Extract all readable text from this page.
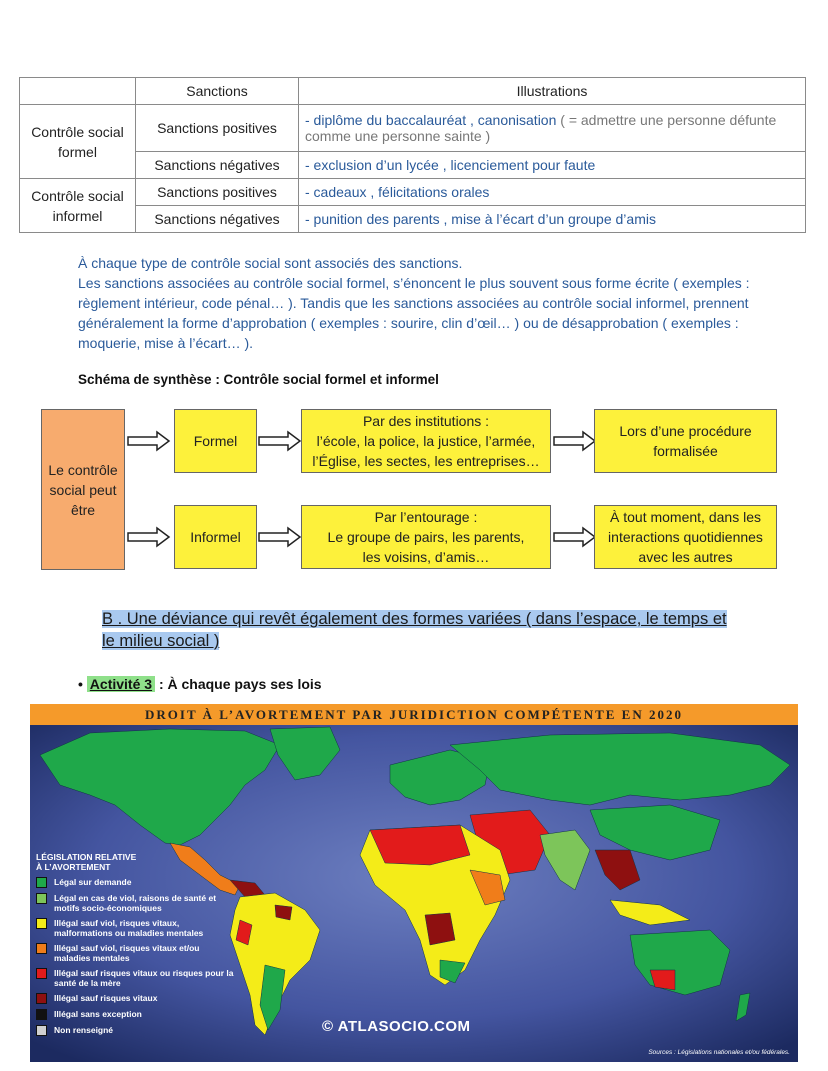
	Sanctions	Illustrations
Contrôle social formel	Sanctions positives	- diplôme du baccalauréat , canonisation ( = admettre une personne défunte comme une personne sainte )
	Sanctions négatives	- exclusion d’un lycée , licenciement pour faute
Contrôle social informel	Sanctions positives	- cadeaux , félicitations orales
	Sanctions négatives	- punition des parents , mise à l’écart d’un groupe d’amis

À chaque type de contrôle social sont associés des sanctions.

Les sanctions associées au contrôle social formel, s’énoncent le plus souvent sous forme écrite ( exemples : règlement intérieur, code pénal… ). Tandis que les sanctions associées au contrôle social informel, prennent généralement la forme d’approbation ( exemples : sourire, clin d’œil… ) ou de désapprobation ( exemples : moquerie, mise à l’écart… ).

Schéma de synthèse : Contrôle social formel et informel
Le contrôle social peut être
Formel
Par des institutions :
l’école, la police, la justice, l’armée, l’Église, les sectes, les entreprises…
Lors d’une procédure formalisée
Informel
Par l’entourage :
Le groupe de pairs, les parents, les voisins, d’amis…
À tout moment, dans les interactions quotidiennes avec les autres
B . Une déviance qui revêt également des formes variées ( dans l’espace, le temps et le milieu social )
• Activité 3 : À chaque pays ses lois
DROIT À L’AVORTEMENT PAR JURIDICTION COMPÉTENTE EN 2020
LÉGISLATION RELATIVE
À L’AVORTEMENT
Légal sur demande
Légal en cas de viol, raisons de santé et motifs socio-économiques
Illégal sauf viol, risques vitaux, malformations ou maladies mentales
Illégal sauf viol, risques vitaux et/ou maladies mentales
Illégal sauf risques vitaux ou risques pour la santé de la mère
Illégal sauf risques vitaux
Illégal sans exception
Non renseigné	© ATLASOCIO.COM
Sources : Législations nationales et/ou fédérales.
